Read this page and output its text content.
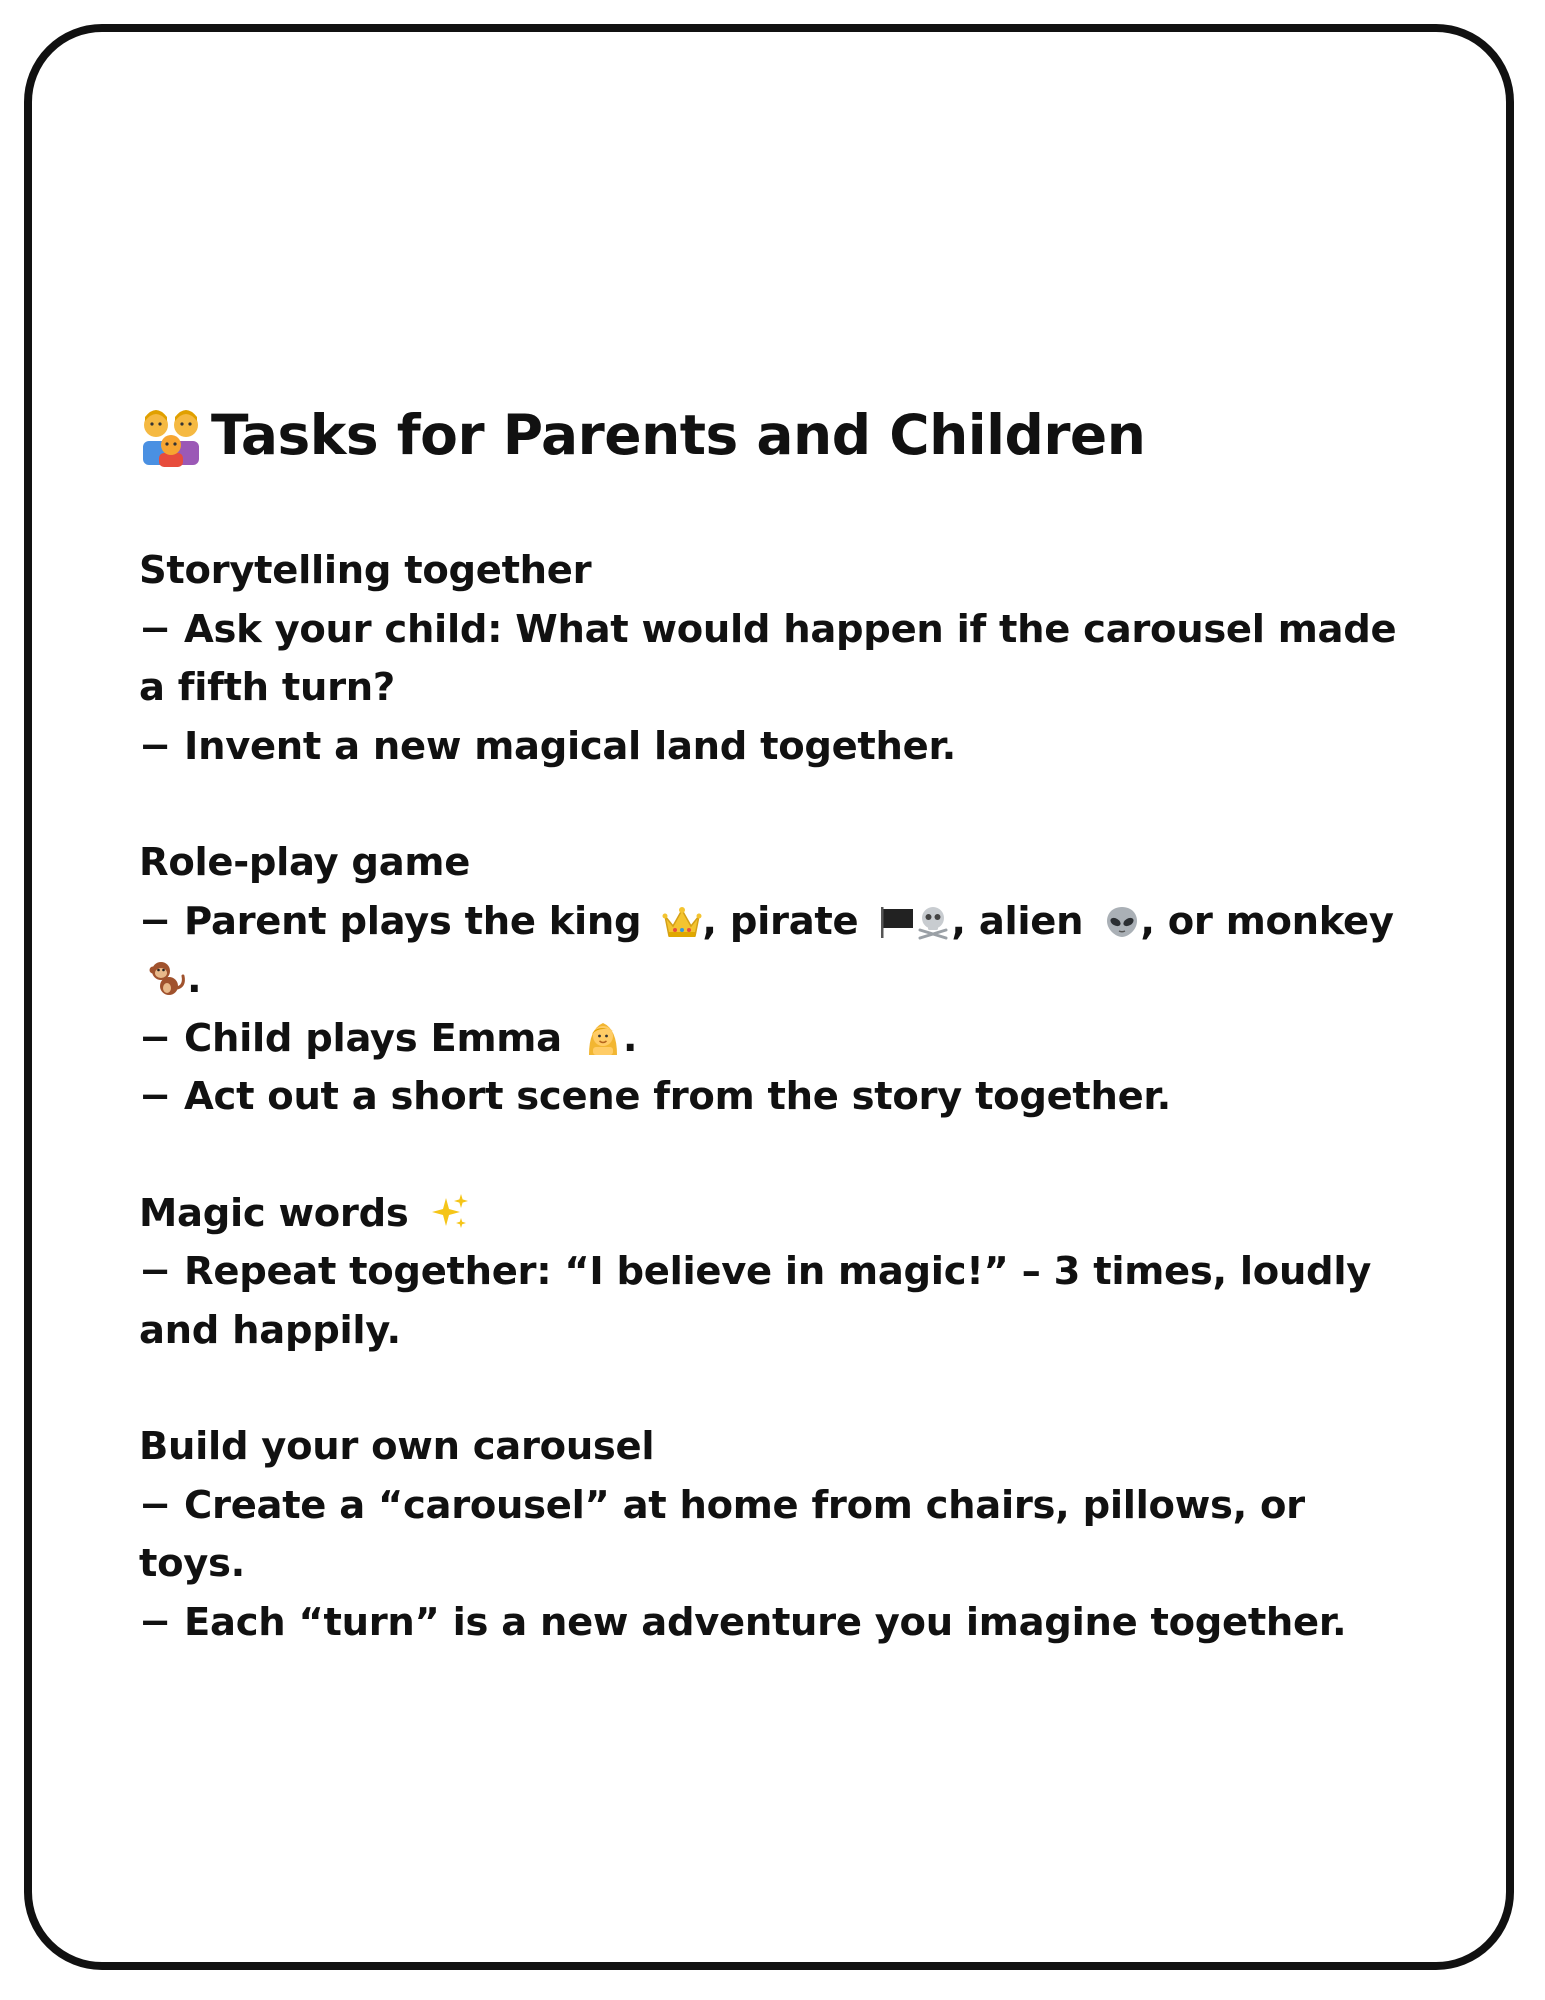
Tasks for Parents and Children
Storytelling together
− Ask your child: What would happen if the carousel made a fifth turn?
− Invent a new magical land together.
Role-play game
− Parent plays the king , pirate , alien , or monkey
.
− Child plays Emma .
− Act out a short scene from the story together.
Magic words
− Repeat together: “I believe in magic!” – 3 times, loudly and happily.
Build your own carousel
− Create a “carousel” at home from chairs, pillows, or toys.
− Each “turn” is a new adventure you imagine together.
